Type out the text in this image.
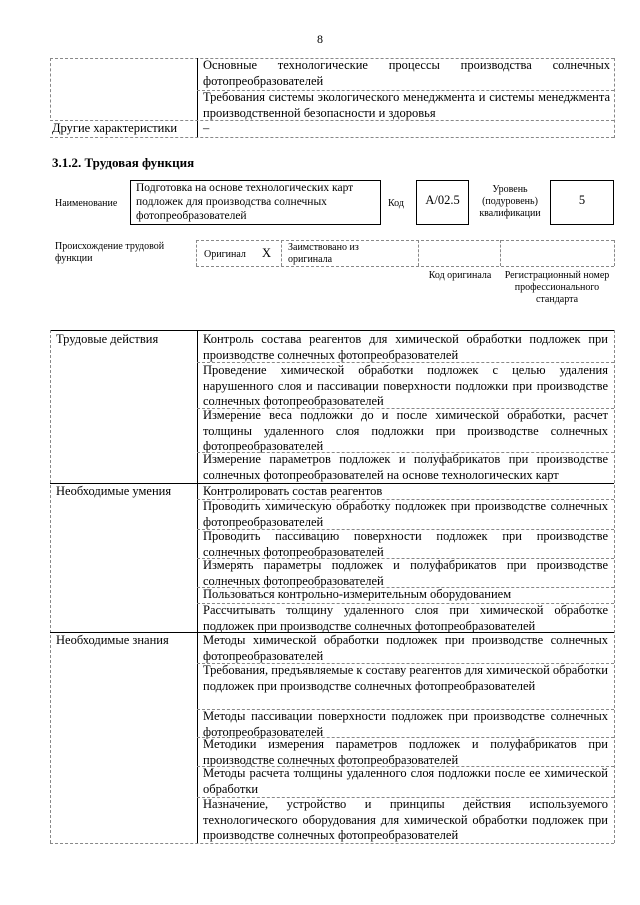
8
Основные технологические процессы производства солнечных фотопреобразователей
Требования системы экологического менеджмента и системы менеджмента производственной безопасности и здоровья
Другие характеристики	–
3.1.2. Трудовая функция
Наименование
Подготовка на основе технологических карт подложек для производства солнечных фотопреобразователей
Код	А/02.5
Уровень (подуровень) квалификации
5
Происхождение трудовой функции	Оригинал X Заимствовано из оригинала
Код оригинала	Регистрационный номер профессионального стандарта
Трудовые действия	Контроль состава реагентов для химической обработки подложек при производстве солнечных фотопреобразователей
Проведение химической обработки подложек с целью удаления нарушенного слоя и пассивации поверхности подложки при производстве солнечных фотопреобразователей
Измерение веса подложки до и после химической обработки, расчет толщины удаленного слоя подложки при производстве солнечных фотопреобразователей
Измерение параметров подложек и полуфабрикатов при производстве солнечных фотопреобразователей на основе технологических карт
Необходимые умения	Контролировать состав реагентов
Проводить химическую обработку подложек при производстве солнечных фотопреобразователей
Проводить пассивацию поверхности подложек при производстве солнечных фотопреобразователей
Измерять параметры подложек и полуфабрикатов при производстве солнечных фотопреобразователей
Пользоваться контрольно-измерительным оборудованием
Рассчитывать толщину удаленного слоя при химической обработке подложек при производстве солнечных фотопреобразователей
Необходимые знания	Методы химической обработки подложек при производстве солнечных фотопреобразователей
Требования, предъявляемые к составу реагентов для химической обработки подложек при производстве солнечных фотопреобразователей
Методы пассивации поверхности подложек при производстве солнечных фотопреобразователей
Методики измерения параметров подложек и полуфабрикатов при производстве солнечных фотопреобразователей
Методы расчета толщины удаленного слоя подложки после ее химической обработки
Назначение, устройство и принципы действия используемого технологического оборудования для химической обработки подложек при производстве солнечных фотопреобразователей
